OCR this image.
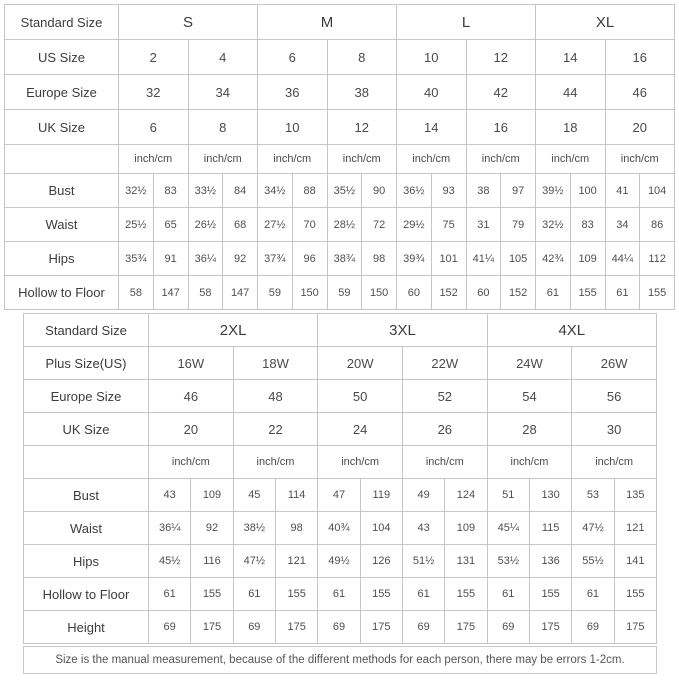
Standard Size	S				M				L				XL			
US Size	2		4		6		8		10		12		14		16	
Europe Size	32		34		36		38		40		42		44		46	
UK Size	6		8		10		12		14		16		18		20	
	inch/cm		inch/cm		inch/cm		inch/cm		inch/cm		inch/cm		inch/cm		inch/cm	
Bust	32½	83	33½	84	34½	88	35½	90	36½	93	38	97	39½	100	41	104
Waist	25½	65	26½	68	27½	70	28½	72	29½	75	31	79	32½	83	34	86
Hips	35¾	91	36¼	92	37¾	96	38¾	98	39¾	101	41¼	105	42¾	109	44¼	112
Hollow to Floor	58	147	58	147	59	150	59	150	60	152	60	152	61	155	61	155
Standard Size	2XL				3XL				4XL			
Plus Size(US)	16W		18W		20W		22W		24W		26W	
Europe Size	46		48		50		52		54		56	
UK Size	20		22		24		26		28		30	
	inch/cm		inch/cm		inch/cm		inch/cm		inch/cm		inch/cm	
Bust	43	109	45	114	47	119	49	124	51	130	53	135
Waist	36¼	92	38½	98	40¾	104	43	109	45¼	115	47½	121
Hips	45½	116	47½	121	49½	126	51½	131	53½	136	55½	141
Hollow to Floor	61	155	61	155	61	155	61	155	61	155	61	155
Height	69	175	69	175	69	175	69	175	69	175	69	175
Size is the manual measurement, because of the different methods for each person, there may be errors 1-2cm.
